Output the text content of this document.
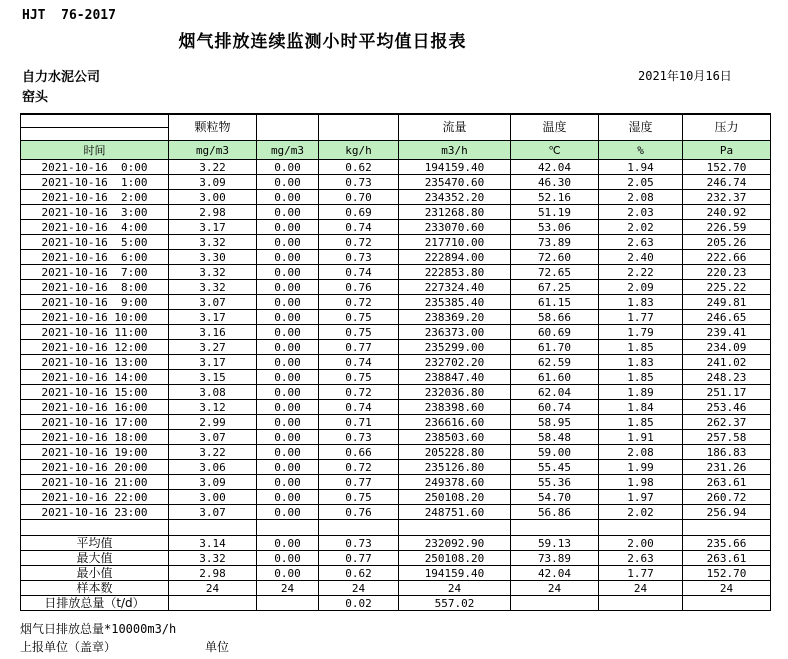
HJT  76-2017
烟气排放连续监测小时平均值日报表
自力水泥公司	2021年10月16日
窑头
	颗粒物			流量	温度	湿度	压力

时间	mg/m3	mg/m3	kg/h	m3/h	℃	%	Pa
2021-10-16  0:00	3.22	0.00	0.62	194159.40	42.04	1.94	152.70
2021-10-16  1:00	3.09	0.00	0.73	235470.60	46.30	2.05	246.74
2021-10-16  2:00	3.00	0.00	0.70	234352.20	52.16	2.08	232.37
2021-10-16  3:00	2.98	0.00	0.69	231268.80	51.19	2.03	240.92
2021-10-16  4:00	3.17	0.00	0.74	233070.60	53.06	2.02	226.59
2021-10-16  5:00	3.32	0.00	0.72	217710.00	73.89	2.63	205.26
2021-10-16  6:00	3.30	0.00	0.73	222894.00	72.60	2.40	222.66
2021-10-16  7:00	3.32	0.00	0.74	222853.80	72.65	2.22	220.23
2021-10-16  8:00	3.32	0.00	0.76	227324.40	67.25	2.09	225.22
2021-10-16  9:00	3.07	0.00	0.72	235385.40	61.15	1.83	249.81
2021-10-16 10:00	3.17	0.00	0.75	238369.20	58.66	1.77	246.65
2021-10-16 11:00	3.16	0.00	0.75	236373.00	60.69	1.79	239.41
2021-10-16 12:00	3.27	0.00	0.77	235299.00	61.70	1.85	234.09
2021-10-16 13:00	3.17	0.00	0.74	232702.20	62.59	1.83	241.02
2021-10-16 14:00	3.15	0.00	0.75	238847.40	61.60	1.85	248.23
2021-10-16 15:00	3.08	0.00	0.72	232036.80	62.04	1.89	251.17
2021-10-16 16:00	3.12	0.00	0.74	238398.60	60.74	1.84	253.46
2021-10-16 17:00	2.99	0.00	0.71	236616.60	58.95	1.85	262.37
2021-10-16 18:00	3.07	0.00	0.73	238503.60	58.48	1.91	257.58
2021-10-16 19:00	3.22	0.00	0.66	205228.80	59.00	2.08	186.83
2021-10-16 20:00	3.06	0.00	0.72	235126.80	55.45	1.99	231.26
2021-10-16 21:00	3.09	0.00	0.77	249378.60	55.36	1.98	263.61
2021-10-16 22:00	3.00	0.00	0.75	250108.20	54.70	1.97	260.72
2021-10-16 23:00	3.07	0.00	0.76	248751.60	56.86	2.02	256.94

平均值	3.14	0.00	0.73	232092.90	59.13	2.00	235.66
最大值	3.32	0.00	0.77	250108.20	73.89	2.63	263.61
最小值	2.98	0.00	0.62	194159.40	42.04	1.77	152.70
样本数	24	24	24	24	24	24	24
日排放总量（t/d）			0.02	557.02			
烟气日排放总量*10000m3/h
上报单位（盖章）	单位
